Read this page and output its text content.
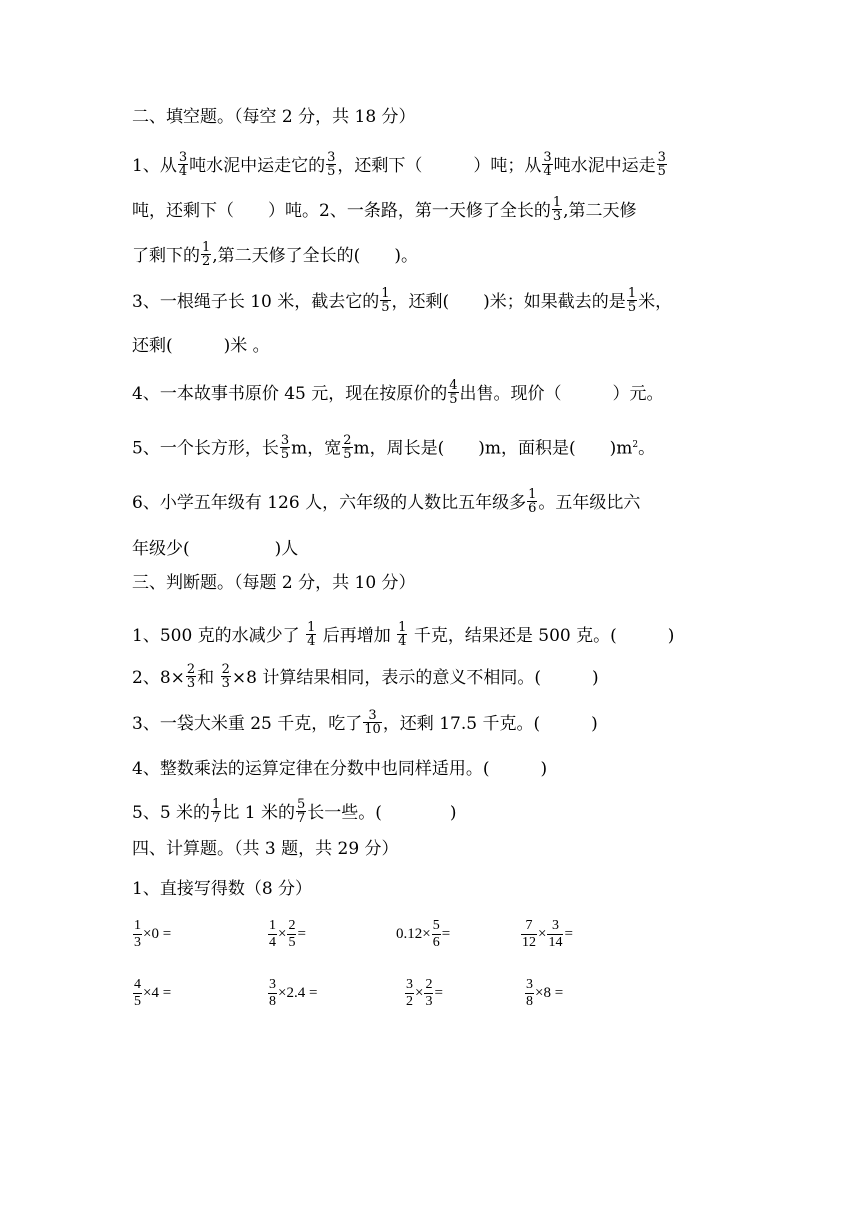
二、填空题。（每空 2 分，共 18 分）
1、从 $\frac{3}{4}$ 吨水泥中运走它的 $\frac{3}{5}$ ，还剩下（　　　）吨；从 $\frac{3}{4}$ 吨水泥中运走 $\frac{3}{5}$
吨，还剩下（　　）吨。2、一条路，第一天修了全长的 $\frac{1}{3}$ ,第二天修
了剩下的 $\frac{1}{2}$ ,第二天修了全长的(　　)。
3、一根绳子长 10 米，截去它的 $\frac{1}{5}$ ，还剩(　　)米；如果截去的是 $\frac{1}{5}$ 米，
还剩(　　　)米 。
4、一本故事书原价 45 元，现在按原价的 $\frac{4}{5}$ 出售。现价（　　　）元。
5、一个长方形，长 $\frac{3}{5}$ m，宽 $\frac{2}{5}$ m，周长是(　　)m，面积是(　　)$m^2$。
6、小学五年级有 126 人，六年级的人数比五年级多 $\frac{1}{6}$ 。五年级比六
年级少(　　　　　)人
三、判断题。（每题 2 分，共 10 分）
1、500 克的水减少了 $\frac{1}{4}$ 后再增加 $\frac{1}{4}$ 千克，结果还是 500 克。(　　　)
2、$8\times \frac{2}{3}$ 和 $\frac{2}{3} \times 8$ 计算结果相同，表示的意义不相同。(　　　)
3、一袋大米重 25 千克，吃了 $\frac{3}{10}$ ，还剩 17.5 千克。(　　　)
4、整数乘法的运算定律在分数中也同样适用。(　　　)
5、5 米的 $\frac{1}{7}$ 比 1 米的 $\frac{5}{7}$ 长一些。(　　　　)
四、计算题。（共 3 题，共 29 分）
1、直接写得数（8 分）
$\frac{1}{3} \times 0$ =	$\frac{1}{4} \times \frac{2}{5}$ =	$0.12\times \frac{5}{6}$ =	$\frac{7}{12} \times \frac{3}{14}$ =
$\frac{4}{5} \times 4$ =	$\frac{3}{8} \times 2.4$ =	$\frac{3}{2} \times \frac{2}{3}$ =	$\frac{3}{8} \times 8$ =
